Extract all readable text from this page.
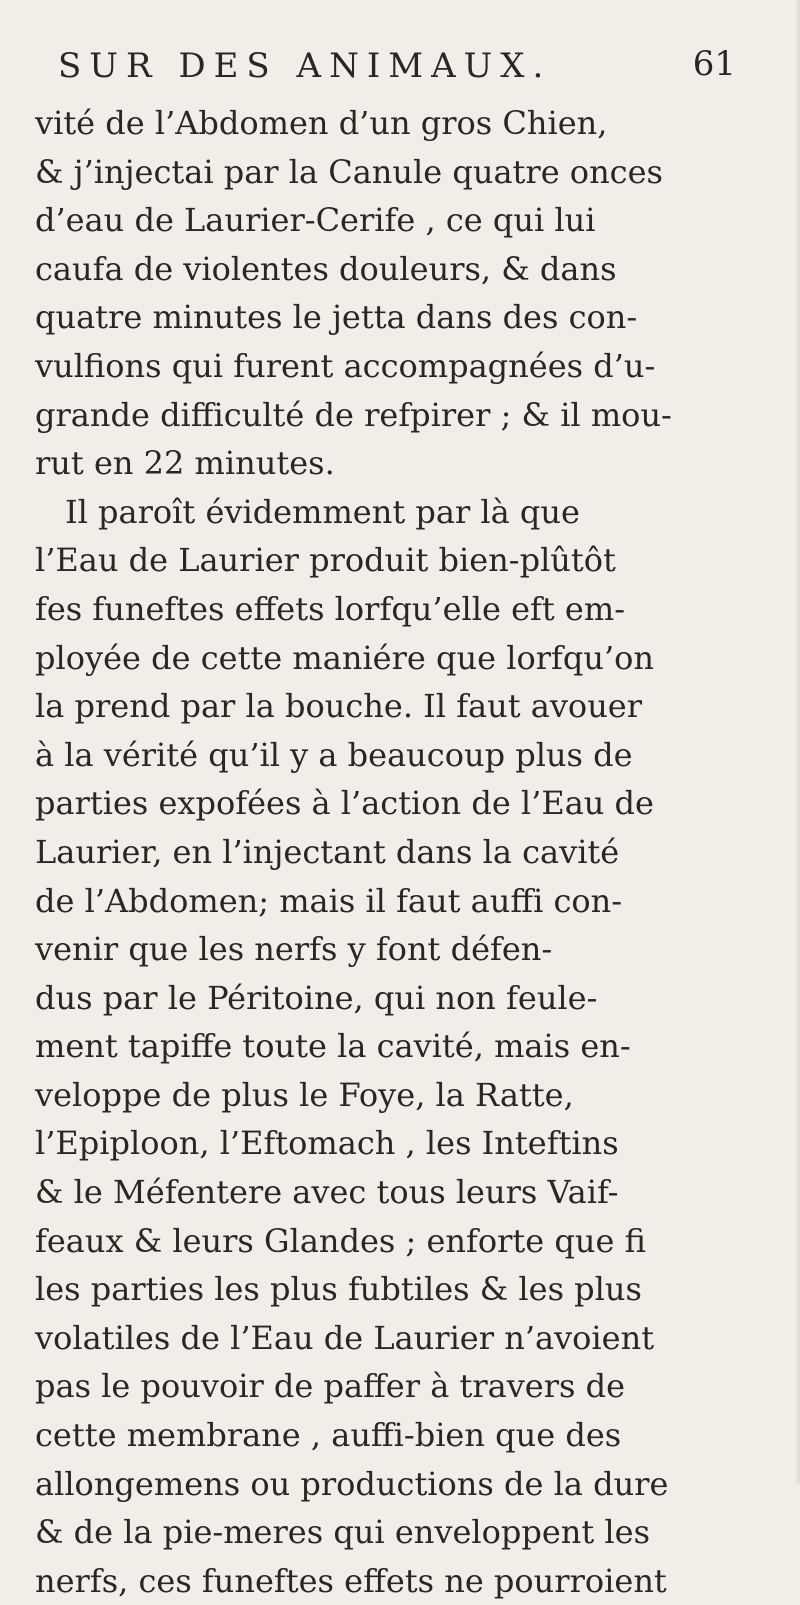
SUR DES ANIMAUX.	61
vité de l’Abdomen d’un gros Chien,
& j’injectai par la Canule quatre onces
d’eau de Laurier-Cerife , ce qui lui
caufa de violentes douleurs, & dans
quatre minutes le jetta dans des con-
vulfions qui furent accompagnées d’u-
grande difficulté de refpirer ; & il mou-
rut en 22 minutes.
Il paroît évidemment par là que
l’Eau de Laurier produit bien-plûtôt
fes funeftes effets lorfqu’elle eft em-
ployée de cette maniére que lorfqu’on
la prend par la bouche. Il faut avouer
à la vérité qu’il y a beaucoup plus de
parties expofées à l’action de l’Eau de
Laurier, en l’injectant dans la cavité
de l’Abdomen; mais il faut auffi con-
venir que les nerfs y font défen-
dus par le Péritoine, qui non feule-
ment tapiffe toute la cavité, mais en-
veloppe de plus le Foye, la Ratte,
l’Epiploon, l’Eftomach , les Inteftins
& le Méfentere avec tous leurs Vaif-
feaux & leurs Glandes ; enforte que fi
les parties les plus fubtiles & les plus
volatiles de l’Eau de Laurier n’avoient
pas le pouvoir de paffer à travers de
cette membrane , auffi-bien que des
allongemens ou productions de la dure
& de la pie-meres qui enveloppent les
nerfs, ces funeftes effets ne pourroient
